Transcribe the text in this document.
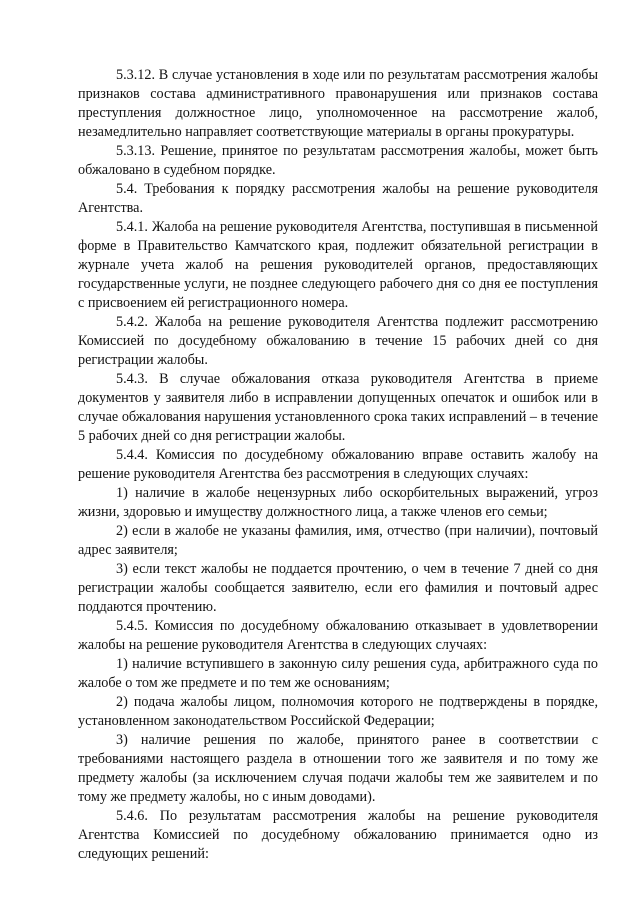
5.3.12. В случае установления в ходе или по результатам рассмотрения жалобы признаков состава административного правонарушения или признаков состава преступления должностное лицо, уполномоченное на рассмотрение жалоб, незамедлительно направляет соответствующие материалы в органы прокуратуры.

5.3.13. Решение, принятое по результатам рассмотрения жалобы, может быть обжаловано в судебном порядке.

5.4. Требования к порядку рассмотрения жалобы на решение руководителя Агентства.

5.4.1. Жалоба на решение руководителя Агентства, поступившая в письменной форме в Правительство Камчатского края, подлежит обязательной регистрации в журнале учета жалоб на решения руководителей органов, предоставляющих государственные услуги, не позднее следующего рабочего дня со дня ее поступления с присвоением ей регистрационного номера.

5.4.2. Жалоба на решение руководителя Агентства подлежит рассмотрению Комиссией по досудебному обжалованию в течение 15 рабочих дней со дня регистрации жалобы.

5.4.3. В случае обжалования отказа руководителя Агентства в приеме документов у заявителя либо в исправлении допущенных опечаток и ошибок или в случае обжалования нарушения установленного срока таких исправлений – в течение 5 рабочих дней со дня регистрации жалобы.

5.4.4. Комиссия по досудебному обжалованию вправе оставить жалобу на решение руководителя Агентства без рассмотрения в следующих случаях:

1) наличие в жалобе нецензурных либо оскорбительных выражений, угроз жизни, здоровью и имуществу должностного лица, а также членов его семьи;

2) если в жалобе не указаны фамилия, имя, отчество (при наличии), почтовый адрес заявителя;

3) если текст жалобы не поддается прочтению, о чем в течение 7 дней со дня регистрации жалобы сообщается заявителю, если его фамилия и почтовый адрес поддаются прочтению.

5.4.5. Комиссия по досудебному обжалованию отказывает в удовлетворении жалобы на решение руководителя Агентства в следующих случаях:

1) наличие вступившего в законную силу решения суда, арбитражного суда по жалобе о том же предмете и по тем же основаниям;

2) подача жалобы лицом, полномочия которого не подтверждены в порядке, установленном законодательством Российской Федерации;

3) наличие решения по жалобе, принятого ранее в соответствии с требованиями настоящего раздела в отношении того же заявителя и по тому же предмету жалобы (за исключением случая подачи жалобы тем же заявителем и по тому же предмету жалобы, но с иным доводами).

5.4.6. По результатам рассмотрения жалобы на решение руководителя Агентства Комиссией по досудебному обжалованию принимается одно из следующих решений:
